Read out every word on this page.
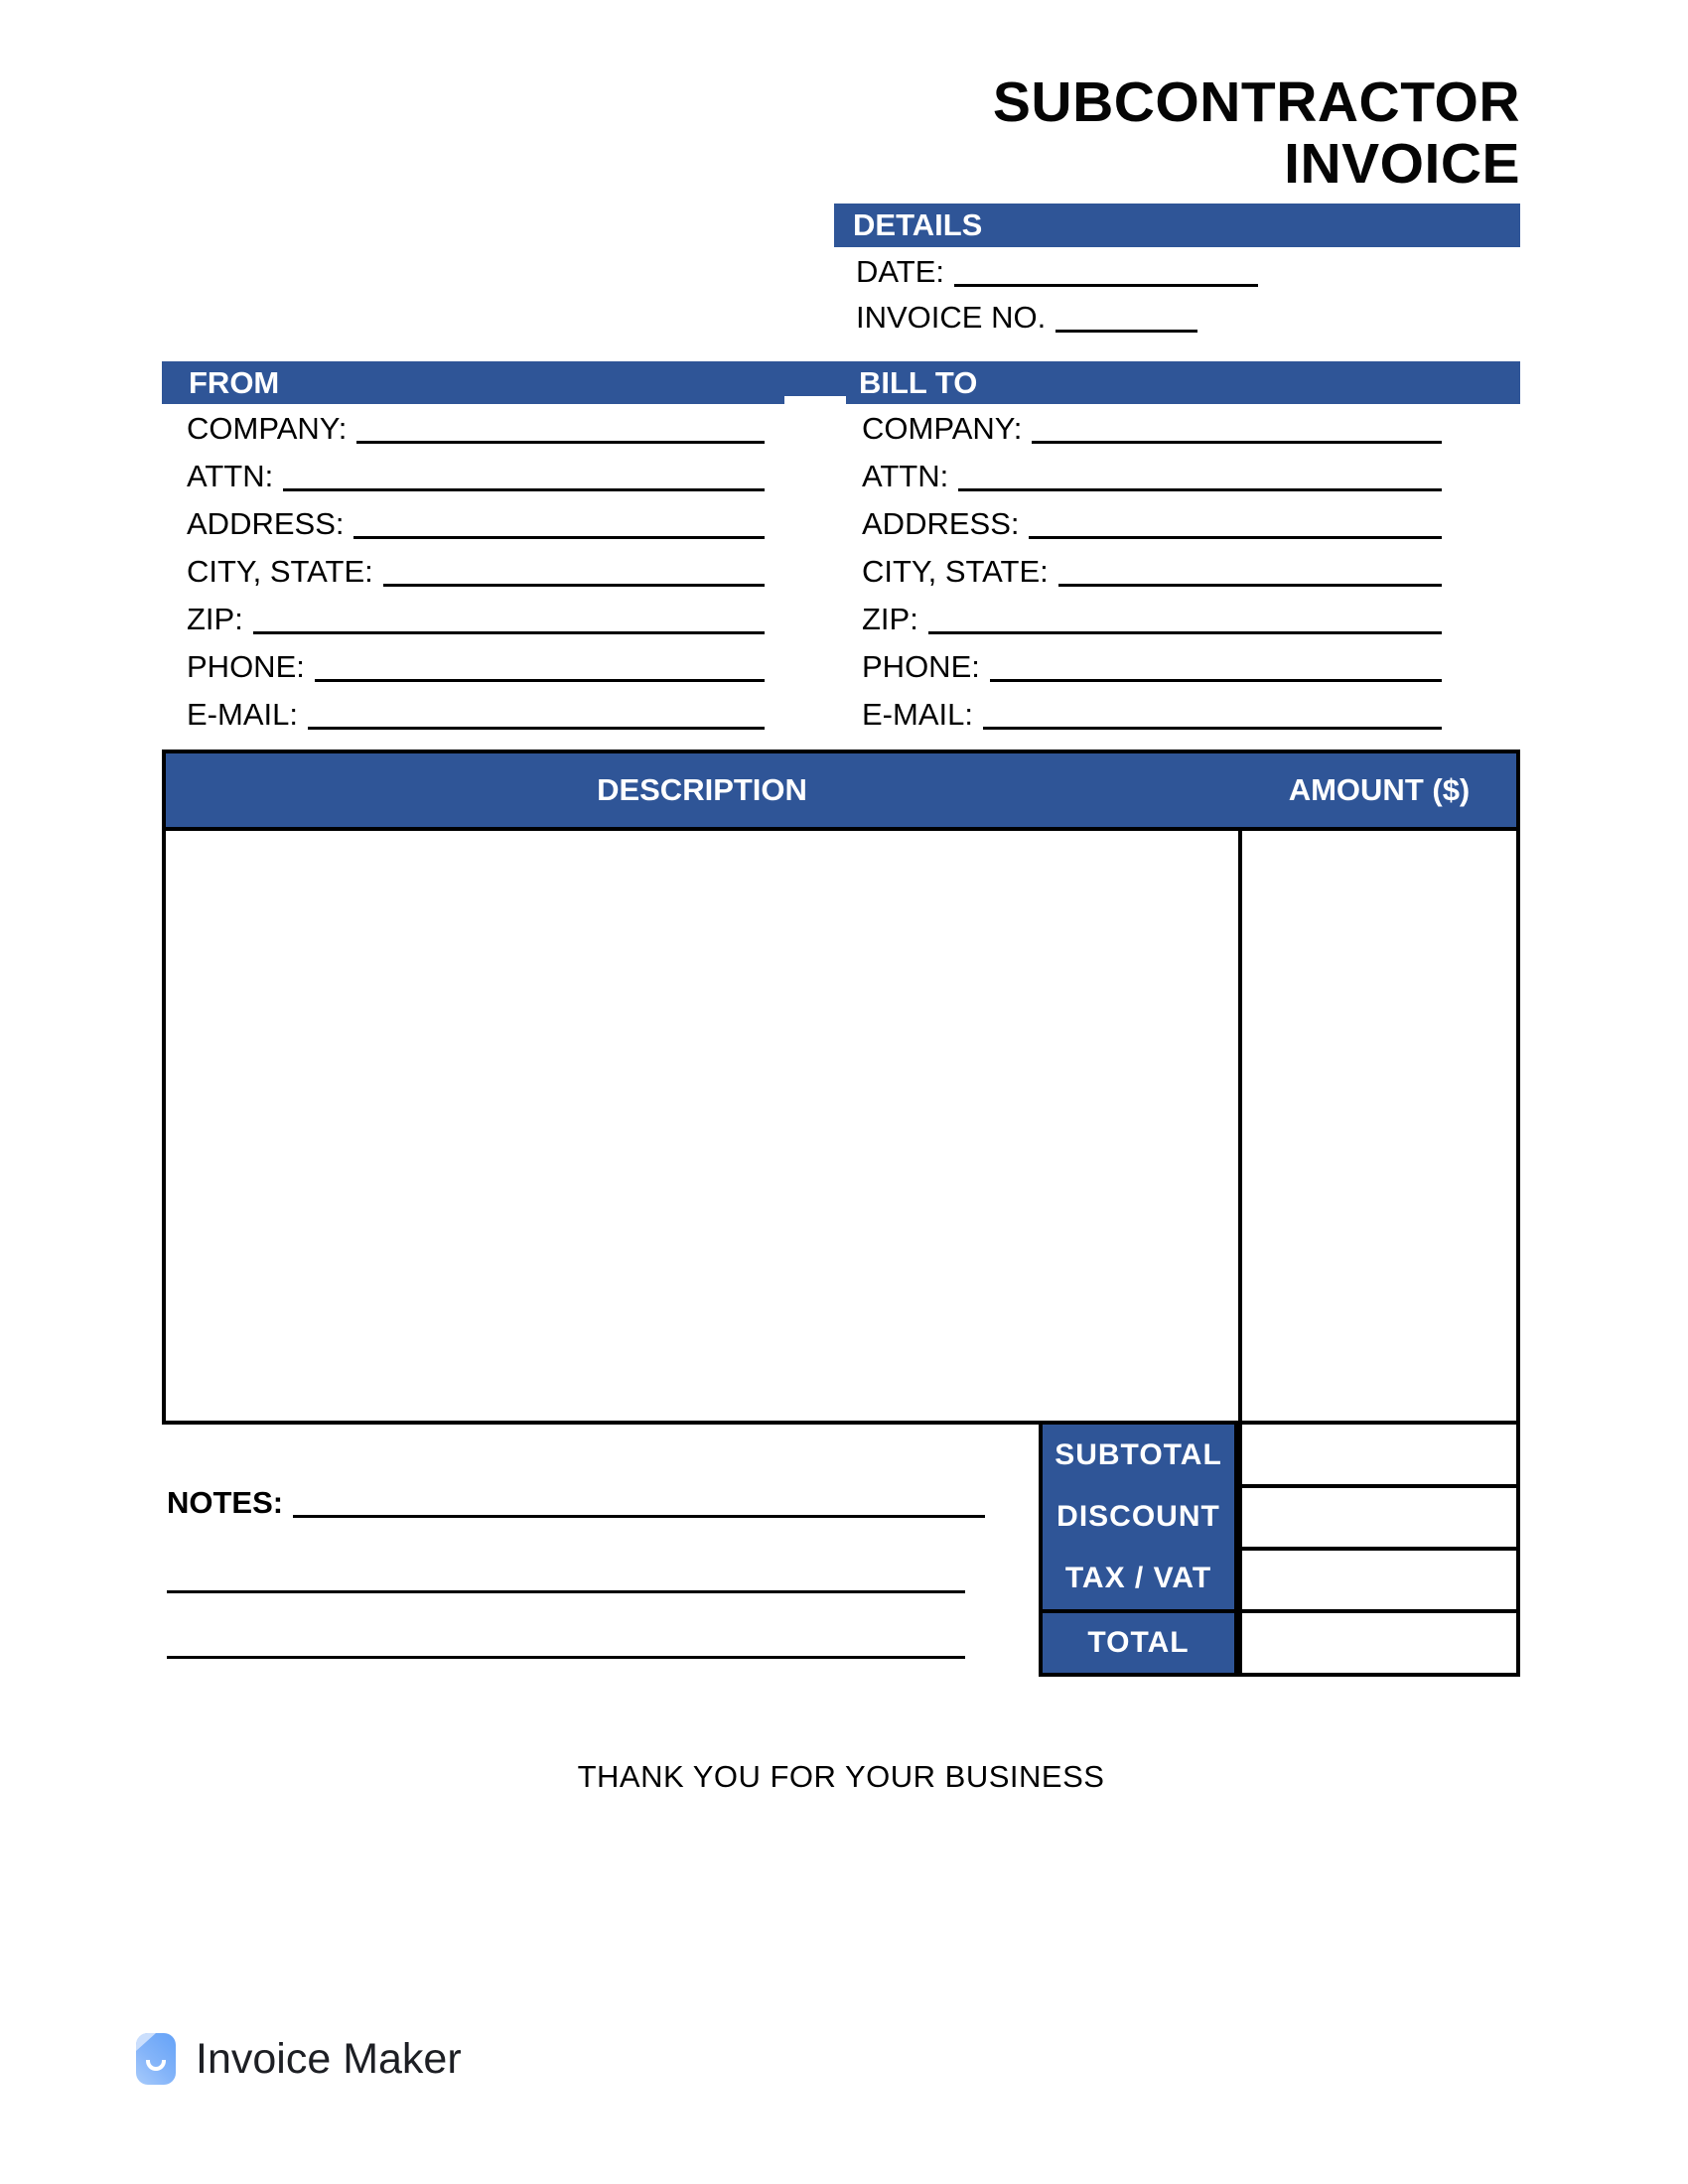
SUBCONTRACTOR
INVOICE
DETAILS
DATE:
INVOICE NO.
FROM	BILL TO
COMPANY:
ATTN:
ADDRESS:
CITY, STATE:
ZIP:
PHONE:
E-MAIL:
COMPANY:
ATTN:
ADDRESS:
CITY, STATE:
ZIP:
PHONE:
E-MAIL:
DESCRIPTION	AMOUNT ($)
SUBTOTAL
DISCOUNT
TAX / VAT
TOTAL
NOTES:
THANK YOU FOR YOUR BUSINESS
Invoice Maker
